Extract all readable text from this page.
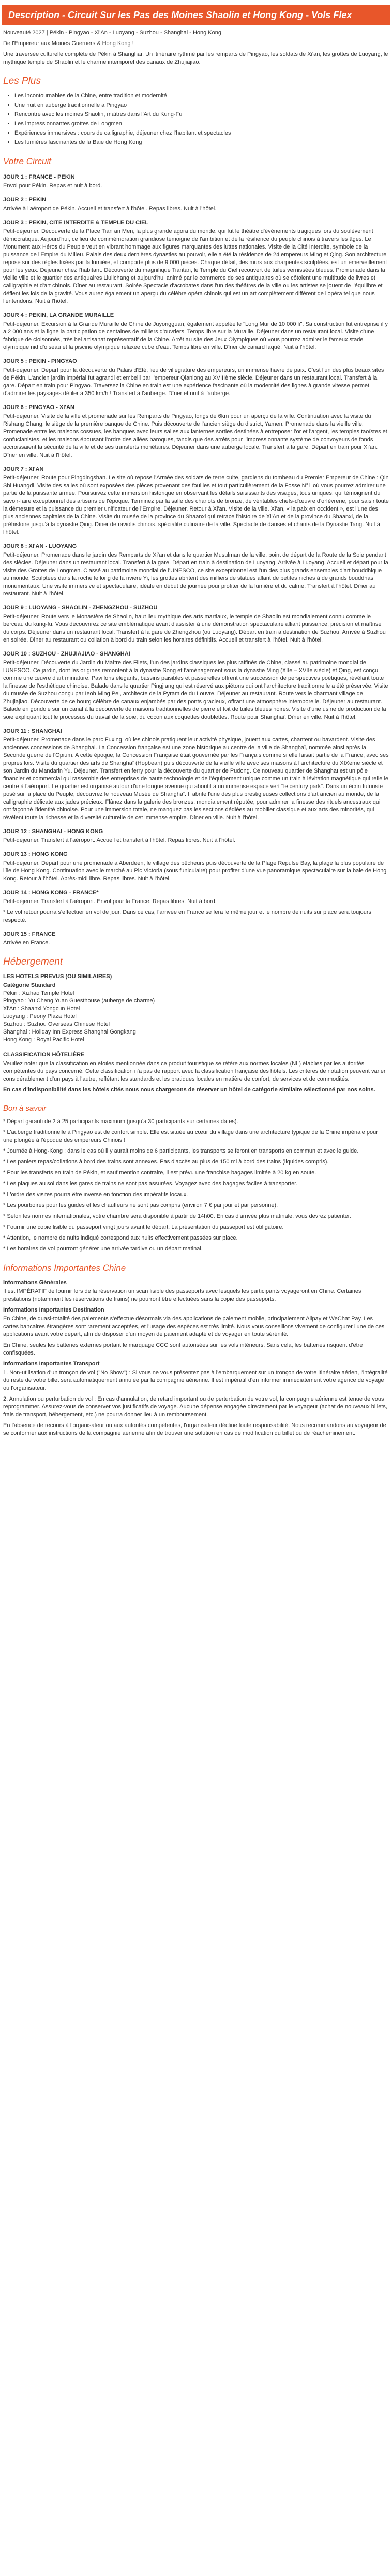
Description - Circuit Sur les Pas des Moines Shaolin et Hong Kong - Vols Flex

Nouveauté 2027 | Pékin - Pingyao - Xi'An - Luoyang - Suzhou - Shanghai - Hong Kong

De l'Empereur aux Moines Guerriers & Hong Kong !

Une traversée culturelle complète de Pékin à Shanghaï. Un itinéraire rythmé par les remparts de Pingyao, les soldats de Xi'an, les grottes de Luoyang, le mythique temple de Shaolin et le charme intemporel des canaux de Zhujiajiao.

Les Plus
• Les incontournables de la Chine, entre tradition et modernité
• Une nuit en auberge traditionnelle à Pingyao
• Rencontre avec les moines Shaolin, maîtres dans l'Art du Kung-Fu
• Les impressionnantes grottes de Longmen
• Expériences immersives : cours de calligraphie, déjeuner chez l'habitant et spectacles
• Les lumières fascinantes de la Baie de Hong Kong
Votre Circuit
JOUR 1 : FRANCE - PEKIN

Envol pour Pékin. Repas et nuit à bord.

JOUR 2 : PEKIN

Arrivée à l'aéroport de Pékin. Accueil et transfert à l'hôtel. Repas libres. Nuit à l'hôtel.

JOUR 3 : PEKIN, CITE INTERDITE & TEMPLE DU CIEL

Petit-déjeuner. Découverte de la Place Tian an Men, la plus grande agora du monde, qui fut le théâtre d'événements tragiques lors du soulèvement démocratique. Aujourd'hui, ce lieu de commémoration grandiose témoigne de l'ambition et de la résilience du peuple chinois à travers les âges. Le Monument aux Héros du Peuple veut en vibrant hommage aux figures marquantes des luttes nationales. Visite de la Cité Interdite, symbole de la puissance de l'Empire du Milieu. Palais des deux dernières dynasties au pouvoir, elle a été la résidence de 24 empereurs Ming et Qing. Son architecture repose sur des règles fixées par la lumière, et comporte plus de 9 000 pièces. Chaque détail, des murs aux charpentes sculptées, est un émerveillement pour les yeux. Déjeuner chez l'habitant. Découverte du magnifique Tiantan, le Temple du Ciel recouvert de tuiles vernissées bleues. Promenade dans la vieille ville et le quartier des antiquaires Liulichang et aujourd'hui animé par le commerce de ses antiquaires où se côtoient une multitude de livres et calligraphie et d'art chinois. Dîner au restaurant. Soirée Spectacle d'acrobates dans l'un des théâtres de la ville ou les artistes se jouent de l'équilibre et défient les lois de la gravité. Vous aurez également un aperçu du célèbre opéra chinois qui est un art complètement différent de l'opéra tel que nous l'entendons. Nuit à l'hôtel.

JOUR 4 : PEKIN, LA GRANDE MURAILLE

Petit-déjeuner. Excursion à la Grande Muraille de Chine de Juyongguan, également appelée le "Long Mur de 10 000 li". Sa construction fut entreprise il y a 2 000 ans et la ligne la participation de centaines de milliers d'ouvriers. Temps libre sur la Muraille. Déjeuner dans un restaurant local. Visite d'une fabrique de cloisonnés, très bel artisanat représentatif de la Chine. Arrêt au site des Jeux Olympiques où vous pourrez admirer le fameux stade olympique nid d'oiseau et la piscine olympique relaxée cube d'eau. Temps libre en ville. Dîner de canard laqué. Nuit à l'hôtel.

JOUR 5 : PEKIN - PINGYAO

Petit-déjeuner. Départ pour la découverte du Palais d'Eté, lieu de villégiature des empereurs, un immense havre de paix. C'est l'un des plus beaux sites de Pékin. L'ancien jardin impérial fut agrandi et embelli par l'empereur Qianlong au XVIIIème siècle. Déjeuner dans un restaurant local. Transfert à la gare. Départ en train pour Pingyao. Traversez la Chine en train est une expérience fascinante où la modernité des lignes à grande vitesse permet d'admirer les paysages défiler à 350 km/h ! Transfert à l'auberge. Dîner et nuit à l'auberge.

JOUR 6 : PINGYAO - XI'AN

Petit-déjeuner. Visite de la ville et promenade sur les Remparts de Pingyao, longs de 6km pour un aperçu de la ville. Continuation avec la visite du Rishang Chang, le siège de la première banque de Chine. Puis découverte de l'ancien siège du district, Yamen. Promenade dans la vieille ville. Promenade entre les maisons cossues, les banques avec leurs salles aux lanternes sorties destinées à entreposer l'or et l'argent, les temples taoïstes et confucianistes, et les maisons épousant l'ordre des allées baroques, tandis que des arrêts pour l'impressionnante système de convoyeurs de fonds accroissaient la sécurité de la ville et de ses transferts monétaires. Déjeuner dans une auberge locale. Transfert à la gare. Départ en train pour Xi'an. Dîner en ville. Nuit à l'hôtel.

JOUR 7 : XI'AN

Petit-déjeuner. Route pour Pingdingshan. Le site où repose l'Armée des soldats de terre cuite, gardiens du tombeau du Premier Empereur de Chine : Qin Shi Huangdi. Visite des salles où sont exposées des pièces provenant des fouilles et tout particulièrement de la Fosse N°1 où vous pourrez admirer une partie de la puissante armée. Poursuivez cette immersion historique en observant les détails saisissants des visages, tous uniques, qui témoignent du savoir-faire exceptionnel des artisans de l'époque. Terminez par la salle des chariots de bronze, de véritables chefs-d'œuvre d'orfèvrerie, pour saisir toute la démesure et la puissance du premier unificateur de l'Empire. Déjeuner. Retour à Xi'an. Visite de la ville. Xi'an, « la paix en occident », est l'une des plus anciennes capitales de la Chine. Visite du musée de la province du Shaanxi qui retrace l'histoire de Xi'An et de la province du Shaanxi, de la préhistoire jusqu'à la dynastie Qing. Dîner de raviolis chinois, spécialité culinaire de la ville. Spectacle de danses et chants de la Dynastie Tang. Nuit à l'hôtel.

JOUR 8 : XI'AN - LUOYANG

Petit-déjeuner. Promenade dans le jardin des Remparts de Xi'an et dans le quartier Musulman de la ville, point de départ de la Route de la Soie pendant des siècles. Déjeuner dans un restaurant local. Transfert à la gare. Départ en train à destination de Luoyang. Arrivée à Luoyang. Accueil et départ pour la visite des Grottes de Longmen. Classé au patrimoine mondial de l'UNESCO, ce site exceptionnel est l'un des plus grands ensembles d'art bouddhique au monde. Sculptées dans la roche le long de la rivière Yi, les grottes abritent des milliers de statues allant de petites niches à de grands bouddhas monumentaux. Une visite immersive et spectaculaire, idéale en début de journée pour profiter de la lumière et du calme. Transfert à l'hôtel. Dîner au restaurant. Nuit à l'hôtel.

JOUR 9 : LUOYANG - SHAOLIN - ZHENGZHOU - SUZHOU

Petit-déjeuner. Route vers le Monastère de Shaolin, haut lieu mythique des arts martiaux, le temple de Shaolin est mondialement connu comme le berceau du kung-fu. Vous découvrirez ce site emblématique avant d'assister à une démonstration spectaculaire alliant puissance, précision et maîtrise du corps. Déjeuner dans un restaurant local. Transfert à la gare de Zhengzhou (ou Luoyang). Départ en train à destination de Suzhou. Arrivée à Suzhou en soirée. Dîner au restaurant ou collation à bord du train selon les horaires définitifs. Accueil et transfert à l'hôtel. Nuit à l'hôtel.

JOUR 10 : SUZHOU - ZHUJIAJIAO - SHANGHAI

Petit-déjeuner. Découverte du Jardin du Maître des Filets, l'un des jardins classiques les plus raffinés de Chine, classé au patrimoine mondial de l'UNESCO. Ce jardin, dont les origines remontent à la dynastie Song et l'aménagement sous la dynastie Ming (XIIe – XVIIe siècle) et Qing, est conçu comme une œuvre d'art miniature. Pavillons élégants, bassins paisibles et passerelles offrent une succession de perspectives poétiques, révélant toute la finesse de l'esthétique chinoise. Balade dans le quartier Pingjiang qui est réservé aux piétons qui ont l'architecture traditionnelle a été préservée. Visite du musée de Suzhou conçu par Ieoh Ming Pei, architecte de la Pyramide du Louvre. Déjeuner au restaurant. Route vers le charmant village de Zhujiajiao. Découverte de ce bourg célèbre de canaux enjambés par des ponts gracieux, offrant une atmosphère intemporelle. Déjeuner au restaurant. Balade en gondole sur un canal à la découverte de maisons traditionnelles de pierre et toit de tuiles bleues noires. Visite d'une usine de production de la soie expliquant tout le processus du travail de la soie, du cocon aux coquettes doublettes. Route pour Shanghaï. Dîner en ville. Nuit à l'hôtel.

JOUR 11 : SHANGHAI

Petit-déjeuner. Promenade dans le parc Fuxing, où les chinois pratiquent leur activité physique, jouent aux cartes, chantent ou bavardent. Visite des anciennes concessions de Shanghai. La Concession française est une zone historique au centre de la ville de Shanghaï, nommée ainsi après la Seconde guerre de l'Opium. A cette époque, la Concession Française était gouvernée par les Français comme si elle faisait partie de la France, avec ses propres lois. Visite du quartier des arts de Shanghaï (Hopbean) puis découverte de la vieille ville avec ses maisons à l'architecture du XIXème siècle et son Jardin du Mandarin Yu. Déjeuner. Transfert en ferry pour la découverte du quartier de Pudong. Ce nouveau quartier de Shanghaï est un pôle financier et commercial qui rassemble des entreprises de haute technologie et de l'équipement unique comme un train à lévitation magnétique qui relie le centre à l'aéroport. Le quartier est organisé autour d'une longue avenue qui aboutit à un immense espace vert "le century park". Dans un écrin futuriste posé sur la place du Peuple, découvrez le nouveau Musée de Shanghaï. Il abrite l'une des plus prestigieuses collections d'art ancien au monde, de la calligraphie délicate aux jades précieux. Flânez dans la galerie des bronzes, mondialement réputée, pour admirer la finesse des rituels ancestraux qui ont façonné l'identité chinoise. Pour une immersion totale, ne manquez pas les sections dédiées au mobilier classique et aux arts des minorités, qui révèlent toute la richesse et la diversité culturelle de cet immense empire. Dîner en ville. Nuit à l'hôtel.

JOUR 12 : SHANGHAI - HONG KONG

Petit-déjeuner. Transfert à l'aéroport. Accueil et transfert à l'hôtel. Repas libres. Nuit à l'hôtel.

JOUR 13 : HONG KONG

Petit-déjeuner. Départ pour une promenade à Aberdeen, le village des pêcheurs puis découverte de la Plage Repulse Bay, la plage la plus populaire de l'île de Hong Kong. Continuation avec le marché au Pic Victoria (sous funiculaire) pour profiter d'une vue panoramique spectaculaire sur la baie de Hong Kong. Retour à l'hôtel. Après-midi libre. Repas libres. Nuit à l'hôtel.

JOUR 14 : HONG KONG - FRANCE*

Petit-déjeuner. Transfert à l'aéroport. Envol pour la France. Repas libres. Nuit à bord.

* Le vol retour pourra s'effectuer en vol de jour. Dans ce cas, l'arrivée en France se fera le même jour et le nombre de nuits sur place sera toujours respecté.

JOUR 15 : FRANCE

Arrivée en France.

Hébergement
LES HOTELS PREVUS (OU SIMILAIRES)
Catégorie Standard
Pékin : Xizhao Temple Hotel
Pingyao : Yu Cheng Yuan Guesthouse (auberge de charme)
Xi'An : Shaanxi Yongcun Hotel
Luoyang : Peony Plaza Hotel
Suzhou : Suzhou Overseas Chinese Hotel
Shanghai : Holiday Inn Express Shanghai Gongkang
Hong Kong : Royal Pacific Hotel
CLASSIFICATION HÔTELIÈRE

Veuillez noter que la classification en étoiles mentionnée dans ce produit touristique se réfère aux normes locales (NL) établies par les autorités compétentes du pays concerné. Cette classification n'a pas de rapport avec la classification française des hôtels. Les critères de notation peuvent varier considérablement d'un pays à l'autre, reflétant les standards et les pratiques locales en matière de confort, de services et de commodités.

En cas d'indisponibilité dans les hôtels cités nous nous chargerons de réserver un hôtel de catégorie similaire sélectionné par nos soins.

Bon à savoir

* Départ garanti de 2 à 25 participants maximum (jusqu'à 30 participants sur certaines dates).

* L'auberge traditionnelle à Pingyao est de confort simple. Elle est située au cœur du village dans une architecture typique de la Chine impériale pour une plongée à l'époque des empereurs Chinois !

* Journée à Hong-Kong : dans le cas où il y aurait moins de 6 participants, les transports se feront en transports en commun et avec le guide.

* Les paniers repas/collations à bord des trains sont annexes. Pas d'accès au plus de 150 ml à bord des trains (liquides compris).

* Pour les transferts en train de Pékin, et sauf mention contraire, il est prévu une franchise bagages limitée à 20 kg en soute.

* Les plaques au sol dans les gares de trains ne sont pas assurées. Voyagez avec des bagages faciles à transporter.

* L'ordre des visites pourra être inversé en fonction des impératifs locaux.

* Les pourboires pour les guides et les chauffeurs ne sont pas compris (environ 7 € par jour et par personne).

* Selon les normes internationales, votre chambre sera disponible à partir de 14h00. En cas d'arrivée plus matinale, vous devrez patienter.

* Fournir une copie lisible du passeport vingt jours avant le départ. La présentation du passeport est obligatoire.

* Attention, le nombre de nuits indiqué correspond aux nuits effectivement passées sur place.

* Les horaires de vol pourront générer une arrivée tardive ou un départ matinal.

Informations Importantes Chine
Informations Générales

Il est IMPÉRATIF de fournir lors de la réservation un scan lisible des passeports avec lesquels les participants voyageront en Chine. Certaines prestations (notamment les réservations de trains) ne pourront être effectuées sans la copie des passeports.

Informations Importantes Destination

En Chine, de quasi-totalité des paiements s'effectue désormais via des applications de paiement mobile, principalement Alipay et WeChat Pay. Les cartes bancaires étrangères sont rarement acceptées, et l'usage des espèces est très limité. Nous vous conseillons vivement de configurer l'une de ces applications avant votre départ, afin de disposer d'un moyen de paiement adapté et de voyager en toute sérénité.

En Chine, seules les batteries externes portant le marquage CCC sont autorisées sur les vols intérieurs. Sans cela, les batteries risquent d'être confisquées.

Informations Importantes Transport

1. Non-utilisation d'un tronçon de vol ("No Show") : Si vous ne vous présentez pas à l'embarquement sur un tronçon de votre itinéraire aérien, l'intégralité du reste de votre billet sera automatiquement annulée par la compagnie aérienne. Il est impératif d'en informer immédiatement votre agence de voyage ou l'organisateur.

2. Annulation ou perturbation de vol : En cas d'annulation, de retard important ou de perturbation de votre vol, la compagnie aérienne est tenue de vous reprogrammer. Assurez-vous de conserver vos justificatifs de voyage. Aucune dépense engagée directement par le voyageur (achat de nouveaux billets, frais de transport, hébergement, etc.) ne pourra donner lieu à un remboursement.

En l'absence de recours à l'organisateur ou aux autorités compétentes, l'organisateur décline toute responsabilité. Nous recommandons au voyageur de se conformer aux instructions de la compagnie aérienne afin de trouver une solution en cas de modification du billet ou de réacheminement.
